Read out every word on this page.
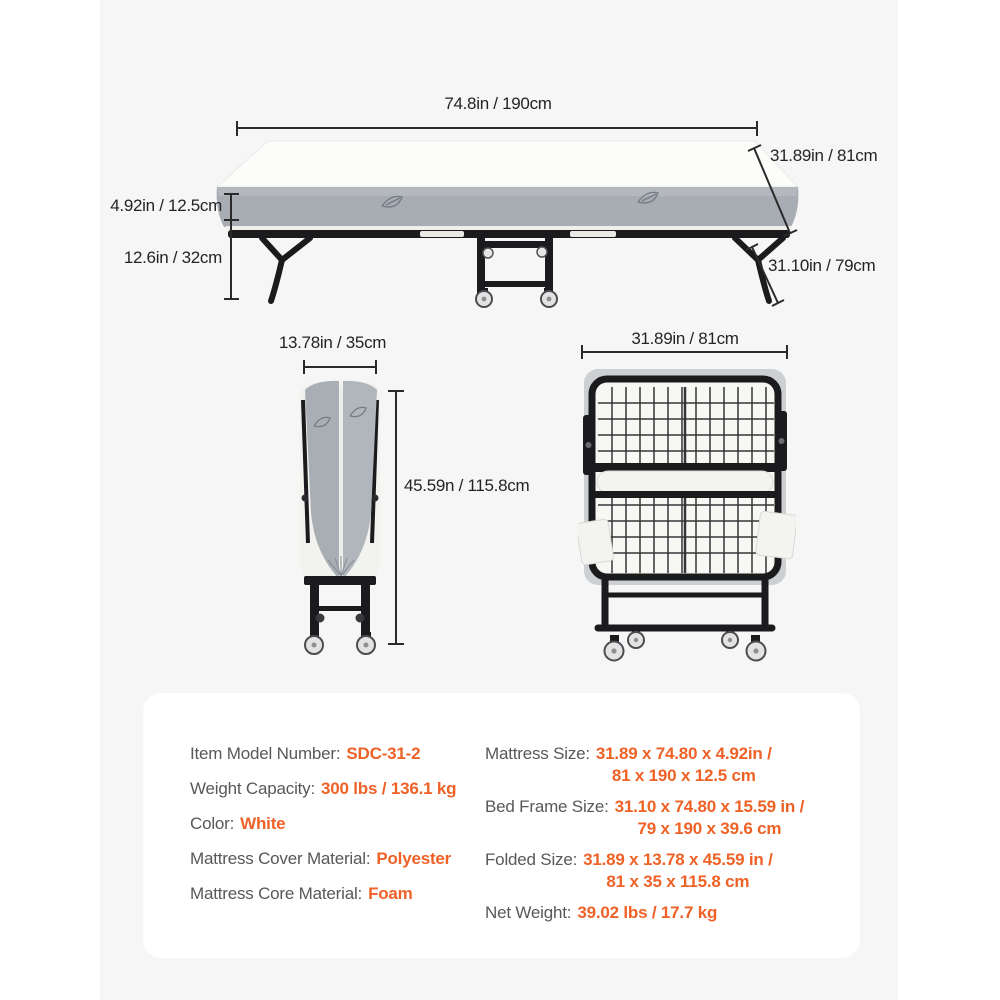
74.8in / 190cm
31.89in / 81cm
4.92in / 12.5cm
12.6in / 32cm	31.10in / 79cm
13.78in / 35cm
45.59n / 115.8cm
31.89in / 81cm
Item Model Number: SDC-31-2
Weight Capacity: 300 lbs / 136.1 kg
Color: White
Mattress Cover Material: Polyester
Mattress Core Material: Foam
Mattress Size: 31.89 x 74.80 x 4.92in /
81 x 190 x 12.5 cm
Bed Frame Size: 31.10 x 74.80 x 15.59 in /
79 x 190 x 39.6 cm
Folded Size: 31.89 x 13.78 x 45.59 in /
81 x 35 x 115.8 cm
Net Weight: 39.02 lbs / 17.7 kg
